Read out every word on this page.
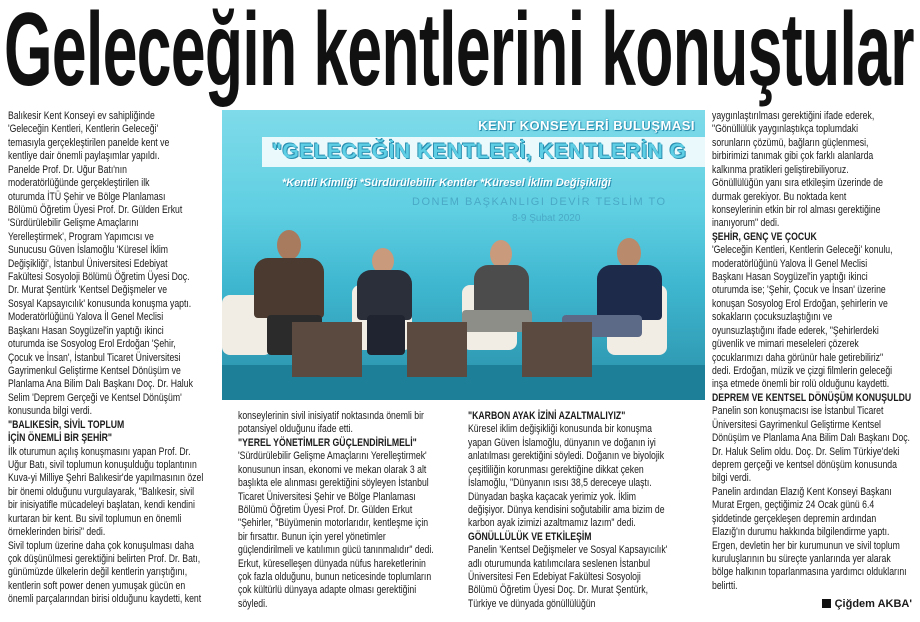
Geleceğin kentlerini konuştular
Balıkesir Kent Konseyi ev sahipliğinde
'Geleceğin Kentleri, Kentlerin Geleceği'
temasıyla gerçekleştirilen panelde kent ve
kentliye dair önemli paylaşımlar yapıldı.
Panelde Prof. Dr. Uğur Batı'nın
moderatörlüğünde gerçekleştirilen ilk
oturumda İTÜ Şehir ve Bölge Planlaması
Bölümü Öğretim Üyesi Prof. Dr. Gülden Erkut
'Sürdürülebilir Gelişme Amaçlarını
Yerelleştirmek', Program Yapımcısı ve
Sunucusu Güven İslamoğlu 'Küresel İklim
Değişikliği', İstanbul Üniversitesi Edebiyat
Fakültesi Sosyoloji Bölümü Öğretim Üyesi Doç.
Dr. Murat Şentürk 'Kentsel Değişmeler ve
Sosyal Kapsayıcılık' konusunda konuşma yaptı.
Moderatörlüğünü Yalova İl Genel Meclisi
Başkanı Hasan Soygüzel'in yaptığı ikinci
oturumda ise Sosyolog Erol Erdoğan 'Şehir,
Çocuk ve İnsan', İstanbul Ticaret Üniversitesi
Gayrimenkul Geliştirme Kentsel Dönüşüm ve
Planlama Ana Bilim Dalı Başkanı Doç. Dr. Haluk
Selim 'Deprem Gerçeği ve Kentsel Dönüşüm'
konusunda bilgi verdi.
"BALIKESİR, SİVİL TOPLUM
İÇİN ÖNEMLİ BİR ŞEHİR"
İlk oturumun açılış konuşmasını yapan Prof. Dr.
Uğur Batı, sivil toplumun konuşulduğu toplantının
Kuva-yi Milliye Şehri Balıkesir'de yapılmasının özel
bir önemi olduğunu vurgulayarak, "Balıkesir, sivil
bir inisiyatifle mücadeleyi başlatan, kendi kendini
kurtaran bir kent. Bu sivil toplumun en önemli
örneklerinden birisi" dedi.
Sivil toplum üzerine daha çok konuşulması daha
çok düşünülmesi gerektiğini belirten Prof. Dr. Batı,
günümüzde ülkelerin değil kentlerin yarıştığını,
kentlerin soft power denen yumuşak gücün en
önemli parçalarından birisi olduğunu kaydetti, kent
konseylerinin sivil inisiyatif noktasında önemli bir
potansiyel olduğunu ifade etti.
"YEREL YÖNETİMLER GÜÇLENDİRİLMELİ"
'Sürdürülebilir Gelişme Amaçlarını Yerelleştirmek'
konusunun insan, ekonomi ve mekan olarak 3 alt
başlıkta ele alınması gerektiğini söyleyen İstanbul
Ticaret Üniversitesi Şehir ve Bölge Planlaması
Bölümü Öğretim Üyesi Prof. Dr. Gülden Erkut
"Şehirler, "Büyümenin motorlarıdır, kentleşme için
bir fırsattır. Bunun için yerel yönetimler
güçlendirilmeli ve katılımın gücü tanınmalıdır" dedi.
Erkut, küreselleşen dünyada nüfus hareketlerinin
çok fazla olduğunu, bunun neticesinde toplumların
çok kültürlü dünyaya adapte olması gerektiğini
söyledi.
"KARBON AYAK İZİNİ AZALTMALIYIZ"
Küresel iklim değişikliği konusunda bir konuşma
yapan Güven İslamoğlu, dünyanın ve doğanın iyi
anlatılması gerektiğini söyledi. Doğanın ve biyolojik
çeşitliliğin korunması gerektiğine dikkat çeken
İslamoğlu, "Dünyanın ısısı 38,5 dereceye ulaştı.
Dünyadan başka kaçacak yerimiz yok. İklim
değişiyor. Dünya kendisini soğutabilir ama bizim de
karbon ayak izimizi azaltmamız lazım" dedi.
GÖNÜLLÜLÜK VE ETKİLEŞİM
Panelin 'Kentsel Değişmeler ve Sosyal Kapsayıcılık'
adlı oturumunda katılımcılara seslenen İstanbul
Üniversitesi Fen Edebiyat Fakültesi Sosyoloji
Bölümü Öğretim Üyesi Doç. Dr. Murat Şentürk,
Türkiye ve dünyada gönüllülüğün
yaygınlaştırılması gerektiğini ifade ederek,
"Gönüllülük yaygınlaştıkça toplumdaki
sorunların çözümü, bağların güçlenmesi,
birbirimizi tanımak gibi çok farklı alanlarda
kalkınma pratikleri geliştirebiliyoruz.
Gönüllülüğün yanı sıra etkileşim üzerinde de
durmak gerekiyor. Bu noktada kent
konseylerinin etkin bir rol alması gerektiğine
inanıyorum" dedi.
ŞEHİR, GENÇ VE ÇOCUK
'Geleceğin Kentleri, Kentlerin Geleceği' konulu,
moderatörlüğünü Yalova İl Genel Meclisi
Başkanı Hasan Soygüzel'in yaptığı ikinci
oturumda ise; 'Şehir, Çocuk ve İnsan' üzerine
konuşan Sosyolog Erol Erdoğan, şehirlerin ve
sokakların çocuksuzlaştığını ve
oyunsuzlaştığını ifade ederek, "Şehirlerdeki
güvenlik ve mimari meseleleri çözerek
çocuklarımızı daha görünür hale getirebiliriz"
dedi. Erdoğan, müzik ve çizgi filmlerin geleceği
inşa etmede önemli bir rolü olduğunu kaydetti.
DEPREM VE KENTSEL DÖNÜŞÜM KONUŞULDU
Panelin son konuşmacısı ise İstanbul Ticaret
Üniversitesi Gayrimenkul Geliştirme Kentsel
Dönüşüm ve Planlama Ana Bilim Dalı Başkanı Doç.
Dr. Haluk Selim oldu. Doç. Dr. Selim Türkiye'deki
deprem gerçeği ve kentsel dönüşüm konusunda
bilgi verdi.
Panelin ardından Elazığ Kent Konseyi Başkanı
Murat Ergen, geçtiğimiz 24 Ocak günü 6.4
şiddetinde gerçekleşen depremin ardından
Elazığ'ın durumu hakkında bilgilendirme yaptı.
Ergen, devletin her bir kurumunun ve sivil toplum
kuruluşlarının bu süreçte yanlarında yer alarak
bölge halkının toparlanmasına yardımcı olduklarını
belirtti.
KENT KONSEYLERİ BULUŞMASI
"GELECEĞİN KENTLERİ, KENTLERİN G
*Kentli Kimliği *Sürdürülebilir Kentler *Küresel İklim Değişikliği
DONEM BAŞKANLIGI DEVİR TESLİM TO
8-9 Şubat 2020
Çiğdem AKBA'
